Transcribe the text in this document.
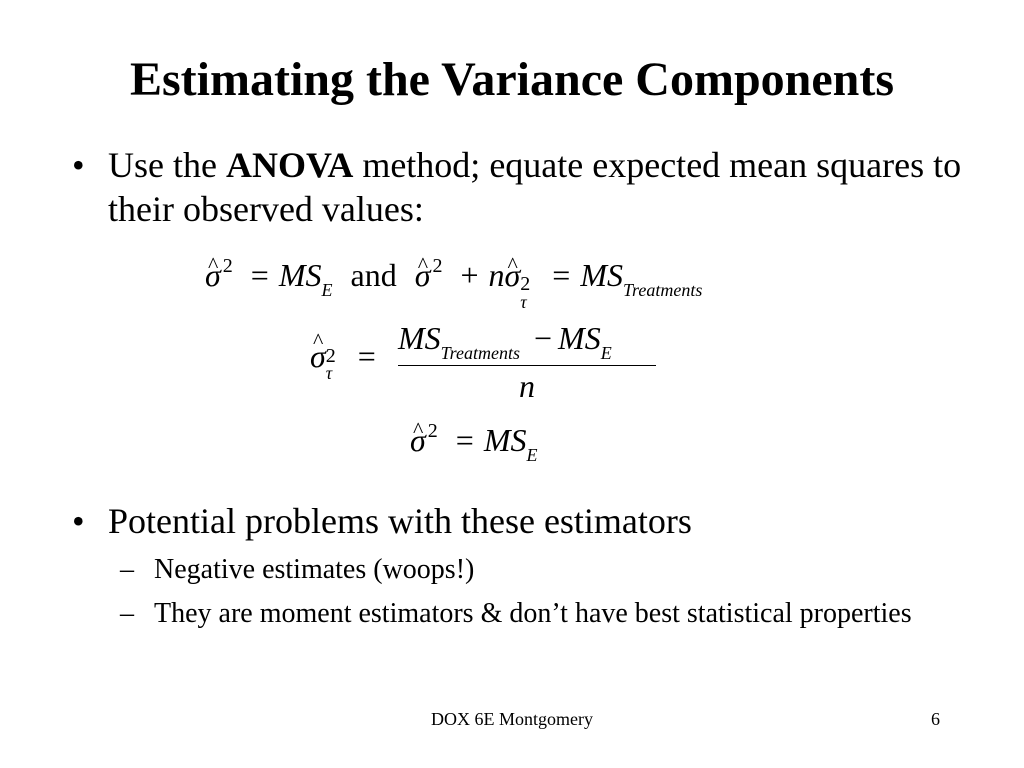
Estimating the Variance Components
• Use the ANOVA method; equate expected mean squares to their observed values:
^ σ $^2 = MS_E$ and ^ σ $^2$ + n^ σ 2
τ
= $MS_{Treatments}$
^ σ 2
$\tau = MS_{Treatments} - MS_E$
n
^ σ $^2 = MS_E$
• Potential problems with these estimators
– Negative estimates (woops!)
– They are moment estimators & don’t have best statistical properties
DOX 6E Montgomery	6
